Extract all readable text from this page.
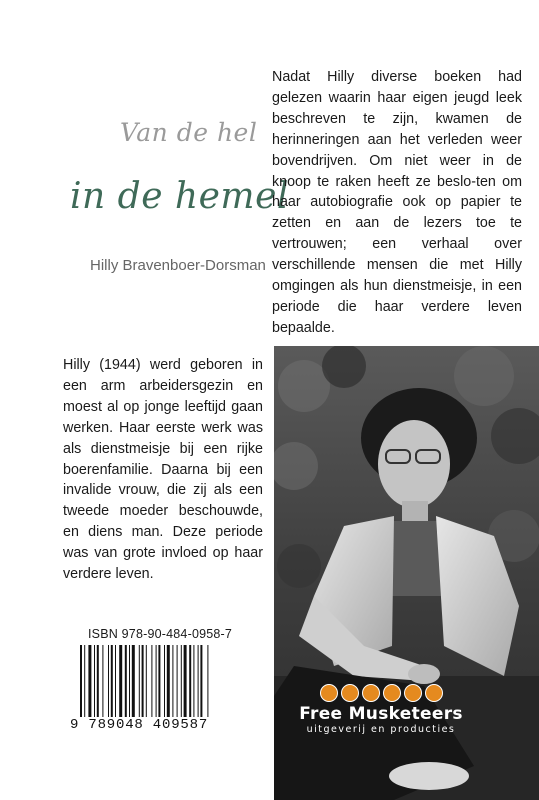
Van de hel
in de hemel
Hilly Bravenboer-Dorsman
Nadat Hilly diverse boeken had gelezen waarin haar eigen jeugd leek beschreven te zijn, kwamen de herinneringen aan het verleden weer bovendrijven. Om niet weer in de knoop te raken heeft ze beslo-ten om haar autobiografie ook op papier te zetten en aan de lezers toe te vertrouwen; een verhaal over verschillende mensen die met Hilly omgingen als hun dienstmeisje, in een periode die haar verdere leven bepaalde.
Hilly (1944) werd geboren in een arm arbeidersgezin en moest al op jonge leeftijd gaan werken. Haar eerste werk was als dienstmeisje bij een rijke boerenfamilie. Daarna bij een invalide vrouw, die zij als een tweede moeder beschouwde, en diens man. Deze periode was van grote invloed op haar verdere leven.
ISBN 978-90-484-0958-7
9 789048 409587
Free Musketeers
uitgeverij en producties
